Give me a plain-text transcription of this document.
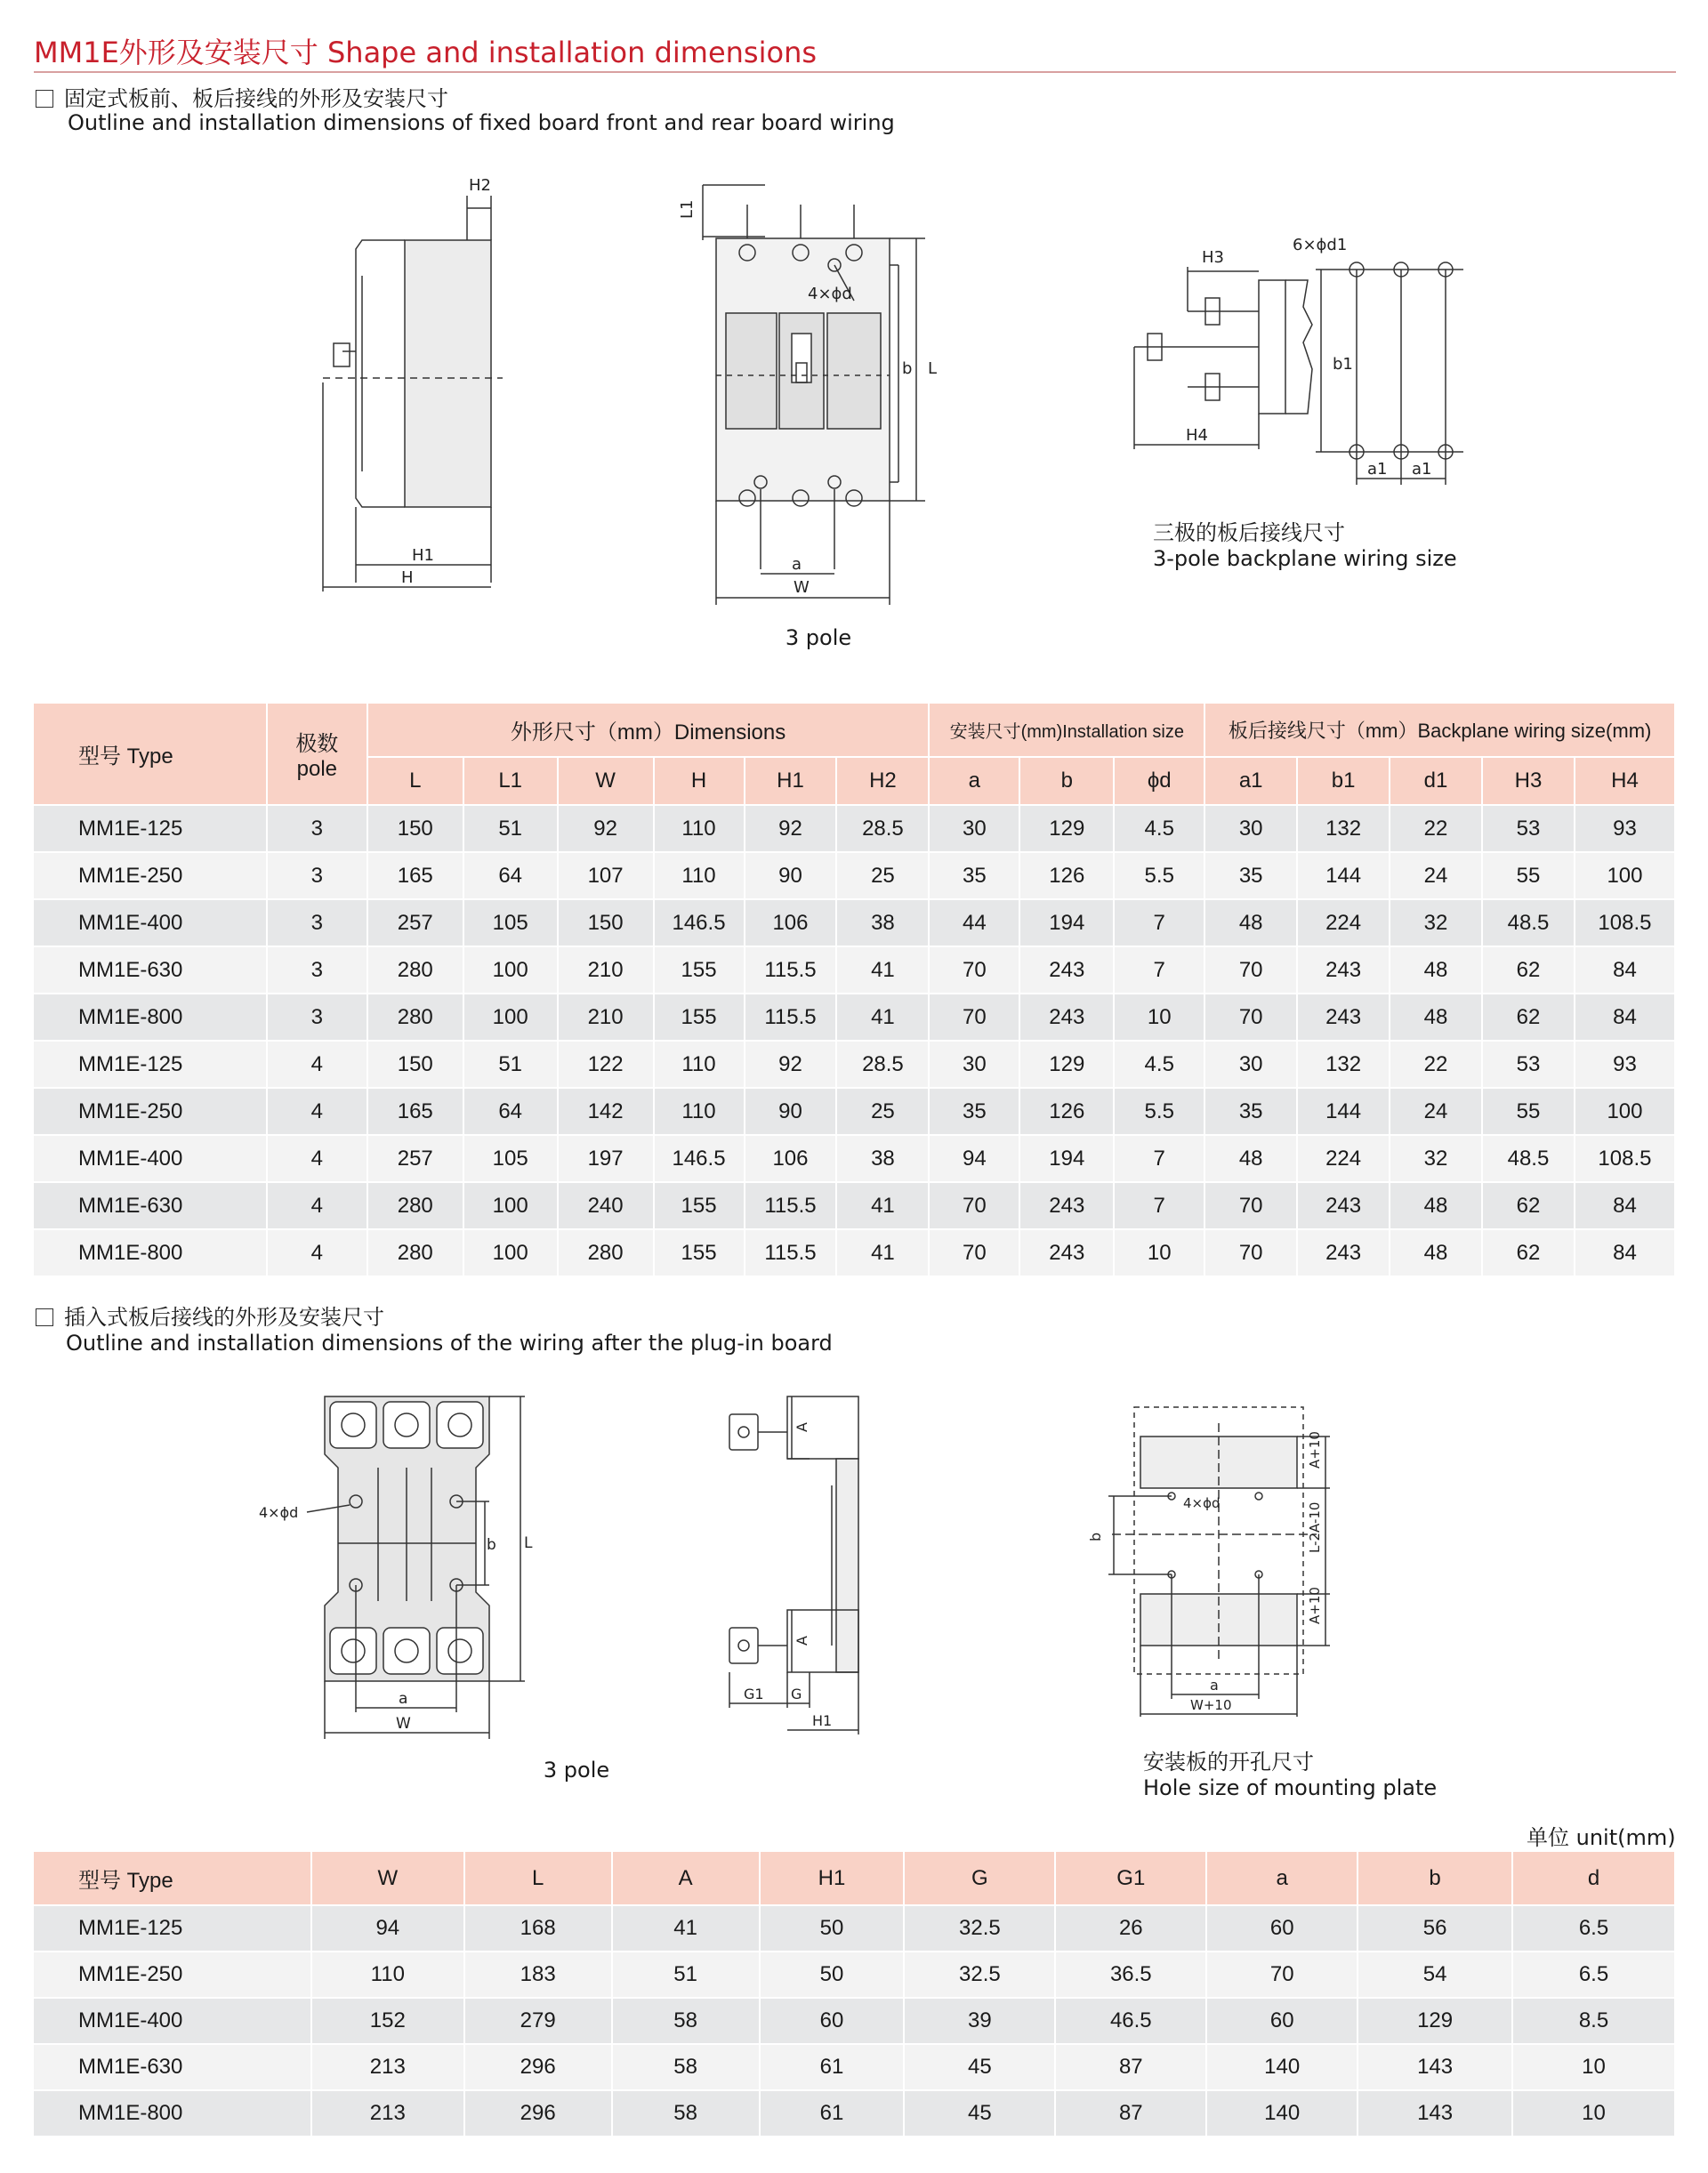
MM1E外形及安装尺寸 Shape and installation dimensions
固定式板前、板后接线的外形及安装尺寸
Outline and installation dimensions of fixed board front and rear board wiring
H2
H1
H
L1
4×ϕd
b L
a
W
3 pole
H3
6×ϕd1
b1
H4
a1 a1
三极的板后接线尺寸
3-pole backplane wiring size
型号 Type	极数
pole	外形尺寸（mm）Dimensions						安装尺寸(mm)Installation size			板后接线尺寸（mm）Backplane wiring size(mm)				
		L	L1	W	H	H1	H2	a	b	ϕd	a1	b1	d1	H3	H4
MM1E-125	3	150	51	92	110	92	28.5	30	129	4.5	30	132	22	53	93
MM1E-250	3	165	64	107	110	90	25	35	126	5.5	35	144	24	55	100
MM1E-400	3	257	105	150	146.5	106	38	44	194	7	48	224	32	48.5	108.5
MM1E-630	3	280	100	210	155	115.5	41	70	243	7	70	243	48	62	84
MM1E-800	3	280	100	210	155	115.5	41	70	243	10	70	243	48	62	84
MM1E-125	4	150	51	122	110	92	28.5	30	129	4.5	30	132	22	53	93
MM1E-250	4	165	64	142	110	90	25	35	126	5.5	35	144	24	55	100
MM1E-400	4	257	105	197	146.5	106	38	94	194	7	48	224	32	48.5	108.5
MM1E-630	4	280	100	240	155	115.5	41	70	243	7	70	243	48	62	84
MM1E-800	4	280	100	280	155	115.5	41	70	243	10	70	243	48	62	84
插入式板后接线的外形及安装尺寸
Outline and installation dimensions of the wiring after the plug-in board
4×ϕd
a
W
b L
3 pole
A
A
G1 G
H1
4×ϕd
b
A+10
L-2A-10
A+10
a
W+10
安装板的开孔尺寸
Hole size of mounting plate
单位 unit(mm)
型号 Type	W	L	A	H1	G	G1	a	b	d
MM1E-125	94	168	41	50	32.5	26	60	56	6.5
MM1E-250	110	183	51	50	32.5	36.5	70	54	6.5
MM1E-400	152	279	58	60	39	46.5	60	129	8.5
MM1E-630	213	296	58	61	45	87	140	143	10
MM1E-800	213	296	58	61	45	87	140	143	10
